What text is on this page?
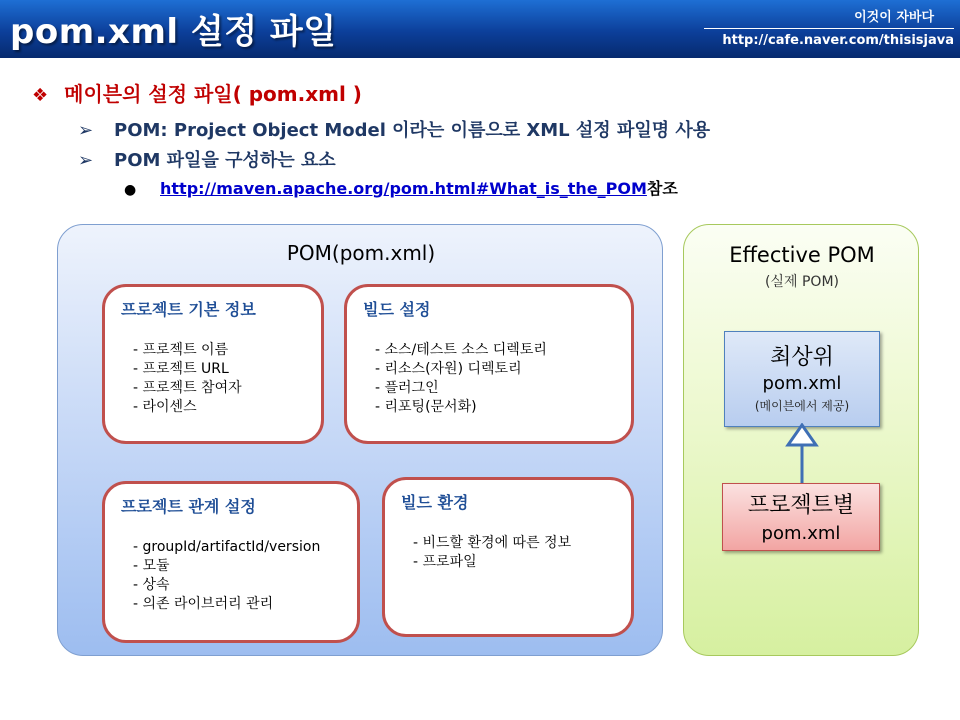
pom.xml 설정 파일	이것이 자바다
http://cafe.naver.com/thisisjava
❖ 메이븐의 설정 파일( pom.xml )
➢ POM: Project Object Model 이라는 이름으로 XML 설정 파일명 사용
➢ POM 파일을 구성하는 요소
● http://maven.apache.org/pom.html#What_is_the_POM참조
POM(pom.xml)
프로젝트 기본 정보
- 프로젝트 이름
- 프로젝트 URL
- 프로젝트 참여자
- 라이센스
빌드 설정
- 소스/테스트 소스 디렉토리
- 리소스(자원) 디렉토리
- 플러그인
- 리포팅(문서화)
프로젝트 관계 설정
- groupId/artifactId/version
- 모듈
- 상속
- 의존 라이브러리 관리
빌드 환경
- 비드할 환경에 따른 정보
- 프로파일
Effective POM
(실제 POM)
최상위
pom.xml
(메이븐에서 제공)
프로젝트별
pom.xml
